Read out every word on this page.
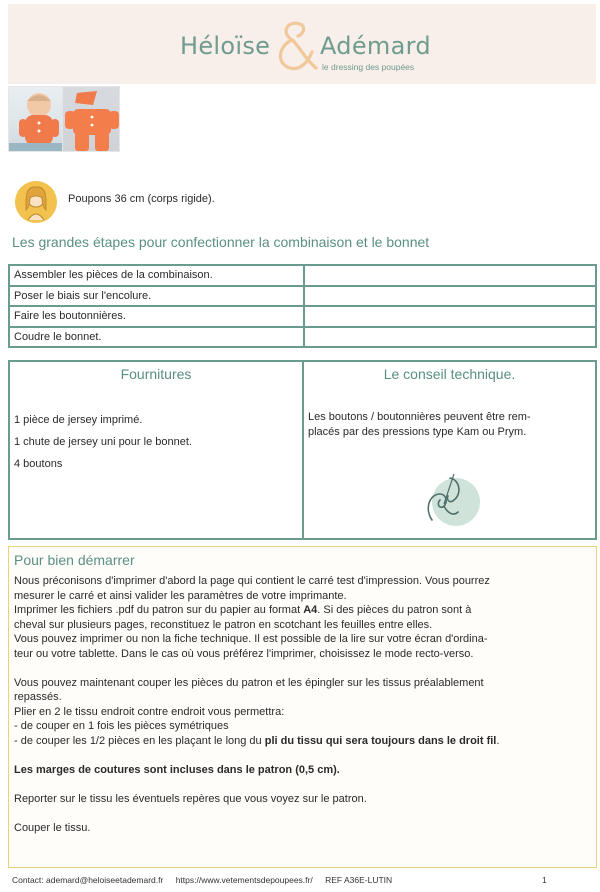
Héloïse Adémard
le dressing des poupées
Poupons 36 cm (corps rigide).
Les grandes étapes pour confectionner la combinaison et le bonnet
Assembler les pièces de la combinaison.	
Poser le biais sur l'encolure.	
Faire les boutonnières.	
Coudre le bonnet.	
Fournitures
1 pièce de jersey imprimé.
1 chute de jersey uni pour le bonnet.
4 boutons
Le conseil technique.
Les boutons / boutonnières peuvent être rem-
placés par des pressions type Kam ou Prym.
Pour bien démarrer

Nous préconisons d'imprimer d'abord la page qui contient le carré test d'impression. Vous pourrez

mesurer le carré et ainsi valider les paramètres de votre imprimante.

Imprimer les fichiers .pdf du patron sur du papier au format A4. Si des pièces du patron sont à

cheval sur plusieurs pages, reconstituez le patron en scotchant les feuilles entre elles.

Vous pouvez imprimer ou non la fiche technique. Il est possible de la lire sur votre écran d'ordina-

teur ou votre tablette. Dans le cas où vous préférez l'imprimer, choisissez le mode recto-verso.

Vous pouvez maintenant couper les pièces du patron et les épingler sur les tissus préalablement

repassés.

Plier en 2 le tissu endroit contre endroit vous permettra:

- de couper en 1 fois les pièces symétriques

- de couper les 1/2 pièces en les plaçant le long du pli du tissu qui sera toujours dans le droit fil.

Les marges de coutures sont incluses dans le patron (0,5 cm).

Reporter sur le tissu les éventuels repères que vous voyez sur le patron.

Couper le tissu.

Contact: ademard@heloiseetademard.fr https://www.vetementsdepoupees.fr/ REF A36E-LUTIN	1
